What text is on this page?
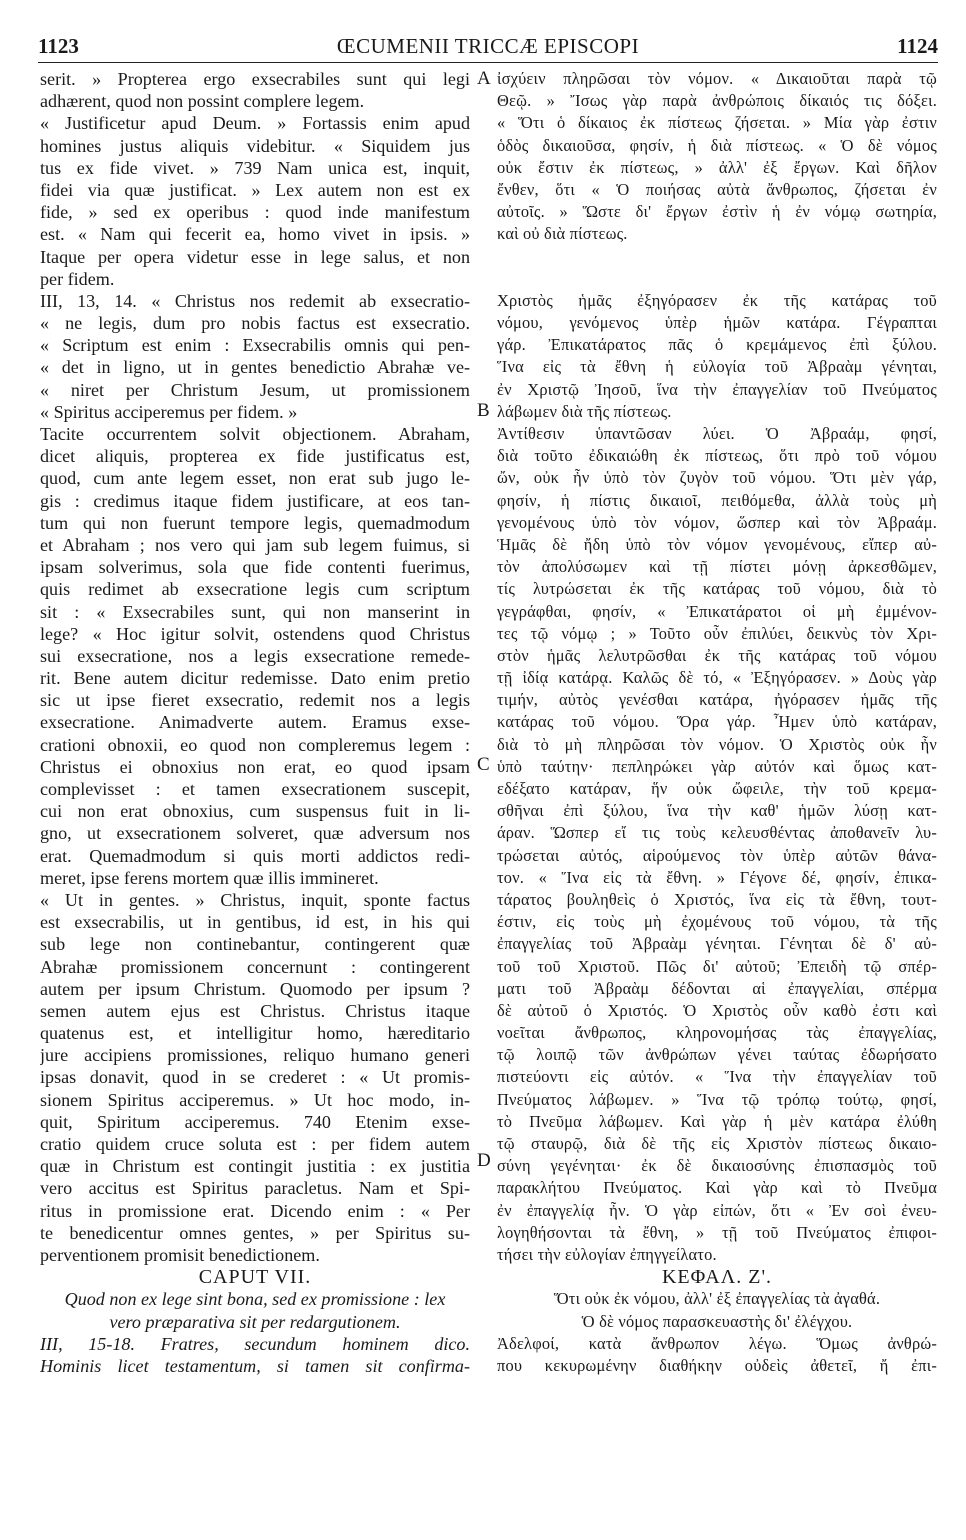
1123	ŒCUMENII TRICCÆ EPISCOPI	1124
A
B
C
D
serit. » Propterea ergo exsecrabiles sunt qui legi
adhærent, quod non possint complere legem.
« Justificetur apud Deum. » Fortassis enim apud
homines justus aliquis videbitur. « Siquidem jus
tus ex fide vivet. » 739 Nam unica est, inquit,
fidei via quæ justificat. » Lex autem non est ex
fide, » sed ex operibus : quod inde manifestum
est. « Nam qui fecerit ea, homo vivet in ipsis. »
Itaque per opera videtur esse in lege salus, et non
per fidem.
III, 13, 14. « Christus nos redemit ab exsecratio-
« ne legis, dum pro nobis factus est exsecratio.
« Scriptum est enim : Exsecrabilis omnis qui pen-
« det in ligno, ut in gentes benedictio Abrahæ ve-
« niret per Christum Jesum, ut promissionem
« Spiritus acciperemus per fidem. »
Tacite occurrentem solvit objectionem. Abraham,
dicet aliquis, propterea ex fide justificatus est,
quod, cum ante legem esset, non erat sub jugo le-
gis : credimus itaque fidem justificare, at eos tan-
tum qui non fuerunt tempore legis, quemadmodum
et Abraham ; nos vero qui jam sub legem fuimus, si
ipsam solverimus, sola que fide contenti fuerimus,
quis redimet ab exsecratione legis cum scriptum
sit : « Exsecrabiles sunt, qui non manserint in
lege? « Hoc igitur solvit, ostendens quod Christus
sui exsecratione, nos a legis exsecratione remede-
rit. Bene autem dicitur redemisse. Dato enim pretio
sic ut ipse fieret exsecratio, redemit nos a legis
exsecratione. Animadverte autem. Eramus exse-
crationi obnoxii, eo quod non compleremus legem :
Christus ei obnoxius non erat, eo quod ipsam
complevisset : et tamen exsecrationem suscepit,
cui non erat obnoxius, cum suspensus fuit in li-
gno, ut exsecrationem solveret, quæ adversum nos
erat. Quemadmodum si quis morti addictos redi-
meret, ipse ferens mortem quæ illis immineret.
« Ut in gentes. » Christus, inquit, sponte factus
est exsecrabilis, ut in gentibus, id est, in his qui
sub lege non continebantur, contingerent quæ
Abrahæ promissionem concernunt : contingerent
autem per ipsum Christum. Quomodo per ipsum ?
semen autem ejus est Christus. Christus itaque
quatenus est, et intelligitur homo, hæreditario
jure accipiens promissiones, reliquo humano generi
ipsas donavit, quod in se crederet : « Ut promis-
sionem Spiritus acciperemus. » Ut hoc modo, in-
quit, Spiritum acciperemus. 740 Etenim exse-
cratio quidem cruce soluta est : per fidem autem
quæ in Christum est contingit justitia : ex justitia
vero accitus est Spiritus paracletus. Nam et Spi-
ritus in promissione erat. Dicendo enim : « Per
te benedicentur omnes gentes, » per Spiritus su-
perventionem promisit benedictionem.
CAPUT VII.
Quod non ex lege sint bona, sed ex promissione : lex
vero præparativa sit per redargutionem.
III, 15-18. Fratres, secundum hominem dico.
Hominis licet testamentum, si tamen sit confirma-
ἰσχύειν πληρῶσαι τὸν νόμον. « Δικαιοῦται παρὰ τῷ
Θεῷ. » Ἴσως γὰρ παρὰ ἀνθρώποις δίκαιός τις δόξει.
« Ὅτι ὁ δίκαιος ἐκ πίστεως ζήσεται. » Μία γὰρ ἐστιν
ὁδὸς δικαιοῦσα, φησίν, ἡ διὰ πίστεως. « Ὁ δὲ νόμος
οὐκ ἔστιν ἐκ πίστεως, » ἀλλ' ἐξ ἔργων. Καὶ δῆλον
ἔνθεν, ὅτι « Ὁ ποιήσας αὐτὰ ἄνθρωπος, ζήσεται ἐν
αὐτοῖς. » Ὥστε δι' ἔργων ἐστὶν ἡ ἐν νόμῳ σωτηρία,
καὶ οὐ διὰ πίστεως.
Χριστὸς ἡμᾶς ἐξηγόρασεν ἐκ τῆς κατάρας τοῦ
νόμου, γενόμενος ὑπὲρ ἡμῶν κατάρα. Γέγραπται
γάρ. Ἐπικατάρατος πᾶς ὁ κρεμάμενος ἐπὶ ξύλου.
Ἵνα εἰς τὰ ἔθνη ἡ εὐλογία τοῦ Ἀβραὰμ γένηται,
ἐν Χριστῷ Ἰησοῦ, ἵνα τὴν ἐπαγγελίαν τοῦ Πνεύματος
λάβωμεν διὰ τῆς πίστεως.
Ἀντίθεσιν ὑπαντῶσαν λύει. Ὁ Ἀβραάμ, φησί,
διὰ τοῦτο ἐδικαιώθη ἐκ πίστεως, ὅτι πρὸ τοῦ νόμου
ὤν, οὐκ ἦν ὑπὸ τὸν ζυγὸν τοῦ νόμου. Ὅτι μὲν γάρ,
φησίν, ἡ πίστις δικαιοῖ, πειθόμεθα, ἀλλὰ τοὺς μὴ
γενομένους ὑπὸ τὸν νόμον, ὥσπερ καὶ τὸν Ἀβραάμ.
Ἡμᾶς δὲ ἤδη ὑπὸ τὸν νόμον γενομένους, εἴπερ αὐ-
τὸν ἀπολύσωμεν καὶ τῇ πίστει μόνῃ ἀρκεσθῶμεν,
τίς λυτρώσεται ἐκ τῆς κατάρας τοῦ νόμου, διὰ τὸ
γεγράφθαι, φησίν, « Ἐπικατάρατοι οἱ μὴ ἐμμένον-
τες τῷ νόμῳ ; » Τοῦτο οὖν ἐπιλύει, δεικνὺς τὸν Χρι-
στὸν ἡμᾶς λελυτρῶσθαι ἐκ τῆς κατάρας τοῦ νόμου
τῇ ἰδίᾳ κατάρᾳ. Καλῶς δὲ τό, « Ἐξηγόρασεν. » Δοὺς γὰρ
τιμήν, αὐτὸς γενέσθαι κατάρα, ἠγόρασεν ἡμᾶς τῆς
κατάρας τοῦ νόμου. Ὅρα γάρ. Ἦμεν ὑπὸ κατάραν,
διὰ τὸ μὴ πληρῶσαι τὸν νόμον. Ὁ Χριστὸς οὐκ ἦν
ὑπὸ ταύτην· πεπληρώκει γὰρ αὐτόν καὶ ὅμως κατ-
εδέξατο κατάραν, ἥν οὐκ ὤφειλε, τὴν τοῦ κρεμα-
σθῆναι ἐπὶ ξύλου, ἵνα τὴν καθ' ἡμῶν λύσῃ κατ-
άραν. Ὥσπερ εἴ τις τοὺς κελευσθέντας ἀποθανεῖν λυ-
τρώσεται αὐτός, αἱρούμενος τὸν ὑπὲρ αὐτῶν θάνα-
τον. « Ἵνα εἰς τὰ ἔθνη. » Γέγονε δέ, φησίν, ἐπικα-
τάρατος βουληθεὶς ὁ Χριστός, ἵνα εἰς τὰ ἔθνη, τουτ-
έστιν, εἰς τοὺς μὴ ἐχομένους τοῦ νόμου, τὰ τῆς
ἐπαγγελίας τοῦ Ἀβραὰμ γένηται. Γένηται δὲ δ' αὐ-
τοῦ τοῦ Χριστοῦ. Πῶς δι' αὐτοῦ; Ἐπειδὴ τῷ σπέρ-
ματι τοῦ Ἀβραὰμ δέδονται αἱ ἐπαγγελίαι, σπέρμα
δὲ αὐτοῦ ὁ Χριστός. Ὁ Χριστὸς οὖν καθὸ ἐστι καὶ
νοεῖται ἄνθρωπος, κληρονομήσας τὰς ἐπαγγελίας,
τῷ λοιπῷ τῶν ἀνθρώπων γένει ταύτας ἐδωρήσατο
πιστεύοντι εἰς αὐτόν. « Ἵνα τὴν ἐπαγγελίαν τοῦ
Πνεύματος λάβωμεν. » Ἵνα τῷ τρόπῳ τούτῳ, φησί,
τὸ Πνεῦμα λάβωμεν. Καὶ γὰρ ἡ μὲν κατάρα ἐλύθη
τῷ σταυρῷ, διὰ δὲ τῆς εἰς Χριστὸν πίστεως δικαιο-
σύνη γεγένηται· ἐκ δὲ δικαιοσύνης ἐπισπασμὸς τοῦ
παρακλήτου Πνεύματος. Καὶ γὰρ καὶ τὸ Πνεῦμα
ἐν ἐπαγγελίᾳ ἦν. Ὁ γὰρ εἰπών, ὅτι « Ἐν σοὶ ἐνευ-
λογηθήσονται τὰ ἔθνη, » τῇ τοῦ Πνεύματος ἐπιφοι-
τήσει τὴν εὐλογίαν ἐπηγγείλατο.
ΚΕΦΑΛ. Ζ'.
Ὅτι οὐκ ἐκ νόμου, ἀλλ' ἐξ ἐπαγγελίας τὰ ἀγαθά.
Ὁ δὲ νόμος παρασκευαστὴς δι' ἐλέγχου.
Ἀδελφοί, κατὰ ἄνθρωπον λέγω. Ὅμως ἀνθρώ-
που κεκυρωμένην διαθήκην οὐδεὶς ἀθετεῖ, ἤ ἐπι-
